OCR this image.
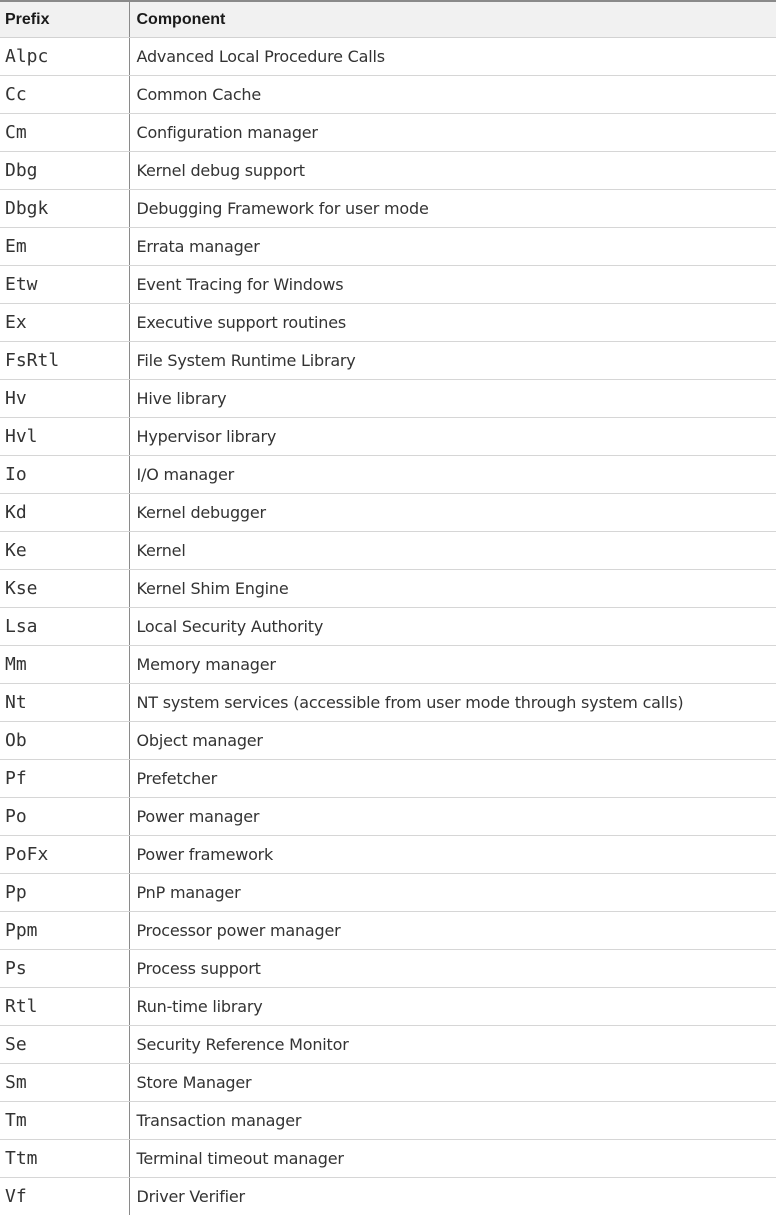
Prefix	Component
Alpc	Advanced Local Procedure Calls
Cc	Common Cache
Cm	Configuration manager
Dbg	Kernel debug support
Dbgk	Debugging Framework for user mode
Em	Errata manager
Etw	Event Tracing for Windows
Ex	Executive support routines
FsRtl	File System Runtime Library
Hv	Hive library
Hvl	Hypervisor library
Io	I/O manager
Kd	Kernel debugger
Ke	Kernel
Kse	Kernel Shim Engine
Lsa	Local Security Authority
Mm	Memory manager
Nt	NT system services (accessible from user mode through system calls)
Ob	Object manager
Pf	Prefetcher
Po	Power manager
PoFx	Power framework
Pp	PnP manager
Ppm	Processor power manager
Ps	Process support
Rtl	Run-time library
Se	Security Reference Monitor
Sm	Store Manager
Tm	Transaction manager
Ttm	Terminal timeout manager
Vf	Driver Verifier
